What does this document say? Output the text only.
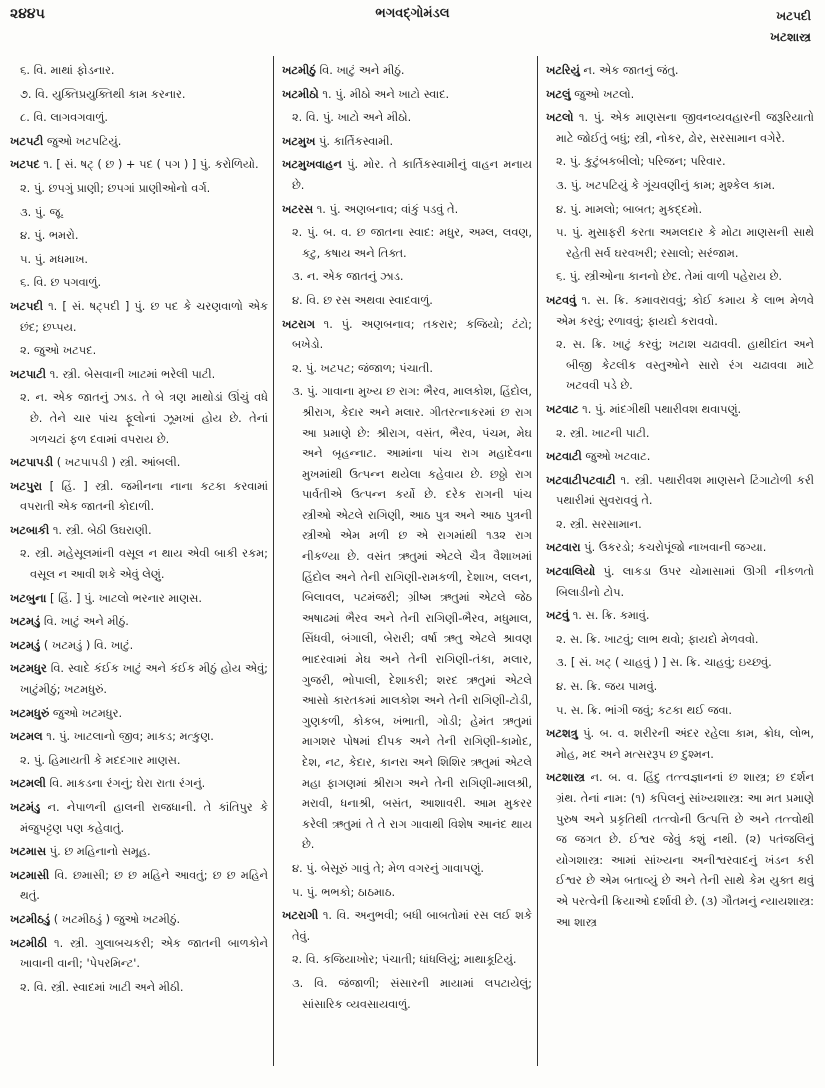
૨૪૪૫	ભગવદ્ગોમંડલ	ખટપદી
ખટશાસ્ત્ર
૬. વિ. માથાં ફોડનાર.
૭. વિ. યુક્તિપ્રયુક્તિથી કામ કરનાર.
૮. વિ. લાગવગવાળું.
ખટપટી જુઓ ખટપટિયું.
ખટપદ ૧. [ સં. ષટ્ ( છ ) + પદ ( પગ ) ] પું. કરોળિયો.
૨. પું. છપગું પ્રાણી; છપગાં પ્રાણીઓનો વર્ગ.
૩. પું. જૂ.
૪. પું. ભમરો.
૫. પું. મધમાખ.
૬. વિ. છ પગવાળું.
ખટપદી ૧. [ સં. ષટ્પદી ] પું. છ પદ કે ચરણવાળો એક છંદ; છપ્પય.
૨. જુઓ ખટપદ.
ખટપાટી ૧. સ્ત્રી. બેસવાની ખાટમાં ભરેલી પાટી.
૨. ન. એક જાતનું ઝાડ. તે બે ત્રણ માથોડાં ઊંચું વધે છે. તેને ચાર પાંચ ફૂલોનાં ઝૂમખાં હોય છે. તેનાં ગળચટાં ફળ દવામાં વપરાય છે.
ખટપાપડી ( ખટપાપડી ) સ્ત્રી. આંબલી.
ખટપુરા [ હિં. ] સ્ત્રી. જમીનના નાના કટકા કરવામાં વપરાતી એક જાતની કોદાળી.
ખટબાકી ૧. સ્ત્રી. બેઠી ઉઘરાણી.
૨. સ્ત્રી. મહેસૂલમાંની વસૂલ ન થાય એવી બાકી રકમ; વસૂલ ન આવી શકે એવું લેણું.
ખટબુના [ હિં. ] પું. ખાટલો ભરનાર માણસ.
ખટમડું વિ. ખાટું અને મીઠું.
ખટમડું ( ખટમડું ) વિ. ખાટું.
ખટમધુર વિ. સ્વાદે કંઈક ખાટું અને કંઈક મીઠું હોય એવું; ખાટુંમીઠું; ખટમધુરું.
ખટમધુરું જુઓ ખટમધુર.
ખટમલ ૧. પું. ખાટલાનો જીવ; માકડ; મત્કુણ.
૨. પું. હિમાયતી કે મદદગાર માણસ.
ખટમલી વિ. માકડના રંગનું; ઘેરા રાતા રંગનું.
ખટમંડુ ન. નેપાળની હાલની રાજધાની. તે કાંતિપુર કે મંજુપટ્ટણ પણ કહેવાતું.
ખટમાસ પું. છ મહિનાનો સમૂહ.
ખટમાસી વિ. છમાસી; છ છ મહિને આવતું; છ છ મહિને થતું.
ખટમીઠડું ( ખટમીઠડું ) જુઓ ખટમીઠું.
ખટમીઠી ૧. સ્ત્રી. ગુલાબચકરી; એક જાતની બાળકોને ખાવાની વાની; 'પેપરમિન્ટ'.
૨. વિ. સ્ત્રી. સ્વાદમાં ખાટી અને મીઠી.
ખટમીઠું વિ. ખાટું અને મીઠું.
ખટમીઠો ૧. પું. મીઠો અને ખાટો સ્વાદ.
૨. વિ. પું. ખાટો અને મીઠો.
ખટમુખ પું. કાર્તિકસ્વામી.
ખટમુખવાહન પું. મોર. તે કાર્તિકસ્વામીનું વાહન મનાય છે.
ખટરસ ૧. પું. અણબનાવ; વાંકું પડવું તે.
૨. પું. બ. વ. છ જાતના સ્વાદ: મધુર, અમ્લ, લવણ, કટુ, કષાય અને તિક્ત.
૩. ન. એક જાતનું ઝાડ.
૪. વિ. છ રસ અથવા સ્વાદવાળું.
ખટરાગ ૧. પું. અણબનાવ; તકરાર; કજિયો; ટંટો; બખેડો.
૨. પું. ખટપટ; જંજાળ; પંચાતી.
૩. પું. ગાવાના મુખ્ય છ રાગ: ભૈરવ, માલકોશ, હિંદોલ, શ્રીરાગ, કેદાર અને મલાર. ગીતરત્નાકરમાં છ રાગ આ પ્રમાણે છે: શ્રીરાગ, વસંત, ભૈરવ, પંચમ, મેઘ અને બૃહન્નાટ. આમાંના પાંચ રાગ મહાદેવના મુખમાંથી ઉત્પન્ન થયેલા કહેવાય છે. છઠ્ઠો રાગ પાર્વતીએ ઉત્પન્ન કર્યો છે. દરેક રાગની પાંચ સ્ત્રીઓ એટલે રાગિણી, આઠ પુત્ર અને આઠ પુત્રની સ્ત્રીઓ એમ મળી છ એ રાગમાંથી ૧૩૨ રાગ નીકળ્યા છે. વસંત ઋતુમાં એટલે ચૈત્ર વૈશાખમાં હિંદોલ અને તેની રાગિણી-રામકળી, દેશાખ, લલન, બિલાવલ, પટમંજરી; ગ્રીષ્મ ઋતુમાં એટલે જેઠ અષાઢમાં ભૈરવ અને તેની રાગિણી-ભૈરવ, મધુમાલ, સિંધવી, બંગાલી, બેરારી; વર્ષા ઋતુ એટલે શ્રાવણ ભાદરવામાં મેઘ અને તેની રાગિણી-તંકા, મલાર, ગુજરી, ભોપાલી, દેશાકરી; શરદ ઋતુમાં એટલે આસો કારતકમાં માલકોશ અને તેની રાગિણી-ટોડી, ગુણકળી, કોકબ, ખંભાતી, ગોડી; હેમંત ઋતુમાં માગશર પોષમાં દીપક અને તેની રાગિણી-કામોદ, દેશ, નટ, કેદાર, કાનરા અને શિશિર ઋતુમાં એટલે મહા ફાગણમાં શ્રીરાગ અને તેની રાગિણી-માલશ્રી, મરાવી, ધનાશ્રી, બસંત, આશાવરી. આમ મુકરર કરેલી ઋતુમાં તે તે રાગ ગાવાથી વિશેષ આનંદ થાય છે.
૪. પું. બેસૂરું ગાવું તે; મેળ વગરનું ગાવાપણું.
૫. પું. ભભકો; ઠાઠમાઠ.
ખટરાગી ૧. વિ. અનુભવી; બધી બાબતોમાં રસ લઈ શકે તેવું.
૨. વિ. કજિયાખોર; પંચાતી; ધાંધલિયું; માથાકૂટિયું.
૩. વિ. જંજાળી; સંસારની માયામાં લપટાયેલું; સાંસારિક વ્યવસાયવાળું.
ખટરિયું ન. એક જાતનું જંતુ.
ખટલું જુઓ ખટલો.
ખટલો ૧. પું. એક માણસના જીવનવ્યવહારની જરૂરિયાતો માટે જોઈતું બધું; સ્ત્રી, નોકર, ઢોર, સરસામાન વગેરે.
૨. પું. કુટુંબકબીલો; પરિજન; પરિવાર.
૩. પું. ખટપટિયું કે ગૂંચવણીનું કામ; મુશ્કેલ કામ.
૪. પું. મામલો; બાબત; મુકદ્દમો.
૫. પું. મુસાફરી કરતા અમલદાર કે મોટા માણસની સાથે રહેતી સર્વ ઘરવખરી; રસાલો; સરંજામ.
૬. પું. સ્ત્રીઓના કાનનો છેદ. તેમાં વાળી પહેરાય છે.
ખટવવું ૧. સ. ક્રિ. કમાવરાવવું; કોઈ કમાય કે લાભ મેળવે એમ કરવું; રળાવવું; ફાયદો કરાવવો.
૨. સ. ક્રિ. ખાટું કરવું; ખટાશ ચઢાવવી. હાથીદાંત અને બીજી કેટલીક વસ્તુઓને સારો રંગ ચઢાવવા માટે ખટવવી પડે છે.
ખટવાટ ૧. પું. માંદગીથી પથારીવશ થવાપણું.
૨. સ્ત્રી. ખાટની પાટી.
ખટવાટી જુઓ ખટવાટ.
ખટવાટીપટવાટી ૧. સ્ત્રી. પથારીવશ માણસને ટિંગાટોળી કરી પથારીમાં સુવરાવવું તે.
૨. સ્ત્રી. સરસામાન.
ખટવારા પું. ઉકરડો; કચરોપૂંજો નાખવાની જગ્યા.
ખટવાલિયો પું. લાકડા ઉપર ચોમાસામાં ઊગી નીકળતો બિલાડીનો ટોપ.
ખટવું ૧. સ. ક્રિ. કમાવું.
૨. સ. ક્રિ. ખાટવું; લાભ થવો; ફાયદો મેળવવો.
૩. [ સં. ખટ્ ( ચાહવું ) ] સ. ક્રિ. ચાહવું; ઇચ્છવું.
૪. સ. ક્રિ. જય પામવું.
૫. સ. ક્રિ. ભાંગી જવું; કટકા થઈ જવા.
ખટશત્રુ પું. બ. વ. શરીરની અંદર રહેલા કામ, ક્રોધ, લોભ, મોહ, મદ અને મત્સરરૂપ છ દુશ્મન.
ખટશાસ્ત્ર ન. બ. વ. હિંદુ તત્ત્વજ્ઞાનનાં છ શાસ્ત્ર; છ દર્શન ગ્રંથ. તેનાં નામ: (૧) કપિલનું સાંખ્યશાસ્ત્ર: આ મત પ્રમાણે પુરુષ અને પ્રકૃતિથી તત્ત્વોની ઉત્પત્તિ છે અને તત્ત્વોથી જ જગત છે. ઈશ્વર જેવું કશું નથી. (૨) પતંજલિનું યોગશાસ્ત્ર: આમાં સાંખ્યના અનીશ્વરવાદનું ખંડન કરી ઈશ્વર છે એમ બતાવ્યું છે અને તેની સાથે કેમ યુક્ત થવું એ પરત્વેની ક્રિયાઓ દર્શાવી છે. (૩) ગૌતમનું ન્યાયશાસ્ત્ર: આ શાસ્ત્ર
